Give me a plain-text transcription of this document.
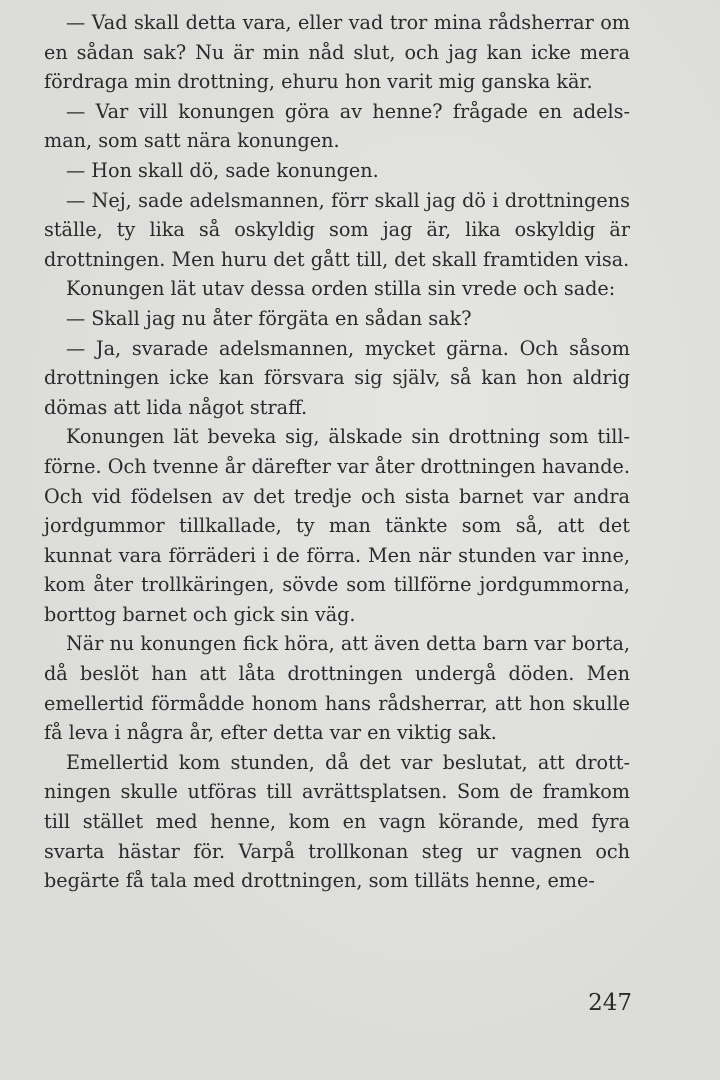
— Vad skall detta vara, eller vad tror mina rådsherrar om en sådan sak? Nu är min nåd slut, och jag kan icke mera fördraga min drottning, ehuru hon varit mig ganska kär.

— Var vill konungen göra av henne? frågade en adelsman, som satt nära konungen.

— Hon skall dö, sade konungen.

— Nej, sade adelsmannen, förr skall jag dö i drottningens ställe, ty lika så oskyldig som jag är, lika oskyldig är drottningen. Men huru det gått till, det skall framtiden visa.

Konungen lät utav dessa orden stilla sin vrede och sade:

— Skall jag nu åter förgäta en sådan sak?

— Ja, svarade adelsmannen, mycket gärna. Och såsom drottningen icke kan försvara sig själv, så kan hon aldrig dömas att lida något straff.

Konungen lät beveka sig, älskade sin drottning som tillförne. Och tvenne år därefter var åter drottningen havande. Och vid födelsen av det tredje och sista barnet var andra jordgummor tillkallade, ty man tänkte som så, att det kunnat vara förräderi i de förra. Men när stunden var inne, kom åter trollkäringen, sövde som tillförne jordgummorna, borttog barnet och gick sin väg.

När nu konungen fick höra, att även detta barn var borta, då beslöt han att låta drottningen undergå döden. Men emellertid förmådde honom hans rådsherrar, att hon skulle få leva i några år, efter detta var en viktig sak.

Emellertid kom stunden, då det var beslutat, att drottningen skulle utföras till avrättsplatsen. Som de framkom till stället med henne, kom en vagn körande, med fyra svarta hästar för. Varpå trollkonan steg ur vagnen och begärte få tala med drottningen, som tilläts henne, eme-

247
